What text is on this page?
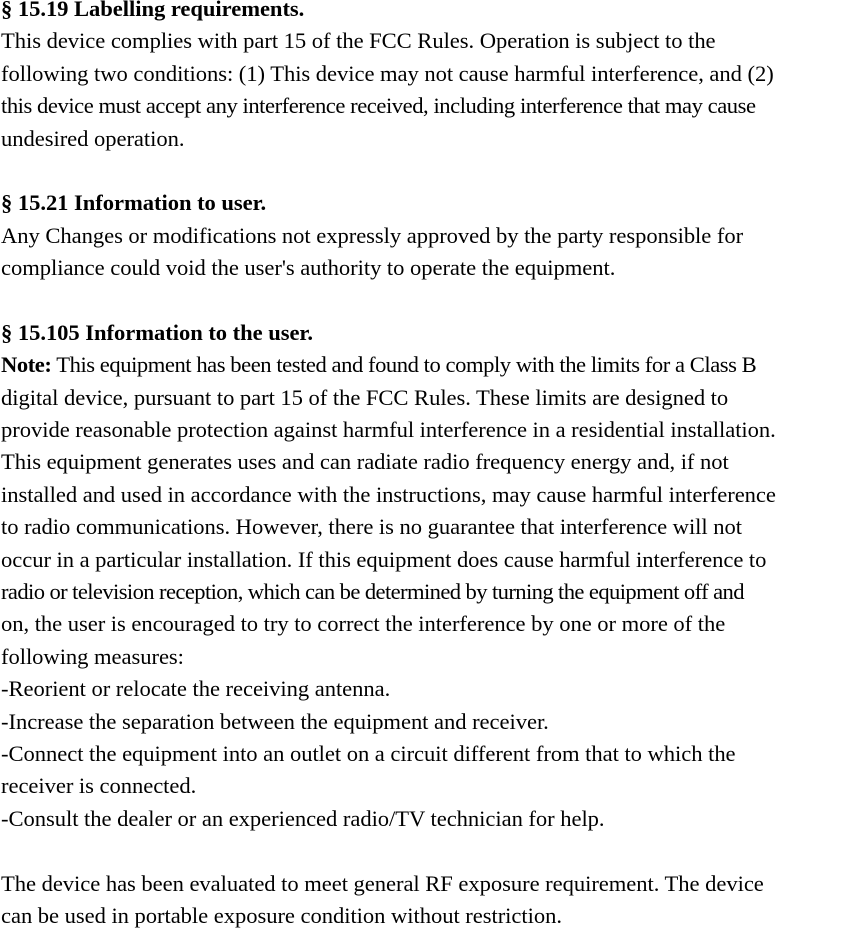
§ 15.19 Labelling requirements.
This device complies with part 15 of the FCC Rules. Operation is subject to the
following two conditions: (1) This device may not cause harmful interference, and (2)
this device must accept any interference received, including interference that may cause
undesired operation.
§ 15.21 Information to user.
Any Changes or modifications not expressly approved by the party responsible for
compliance could void the user's authority to operate the equipment.
§ 15.105 Information to the user.
Note: This equipment has been tested and found to comply with the limits for a Class B
digital device, pursuant to part 15 of the FCC Rules. These limits are designed to
provide reasonable protection against harmful interference in a residential installation.
This equipment generates uses and can radiate radio frequency energy and, if not
installed and used in accordance with the instructions, may cause harmful interference
to radio communications. However, there is no guarantee that interference will not
occur in a particular installation. If this equipment does cause harmful interference to
radio or television reception, which can be determined by turning the equipment off and
on, the user is encouraged to try to correct the interference by one or more of the
following measures:
-Reorient or relocate the receiving antenna.
-Increase the separation between the equipment and receiver.
-Connect the equipment into an outlet on a circuit different from that to which the
receiver is connected.
-Consult the dealer or an experienced radio/TV technician for help.
The device has been evaluated to meet general RF exposure requirement. The device
can be used in portable exposure condition without restriction.
